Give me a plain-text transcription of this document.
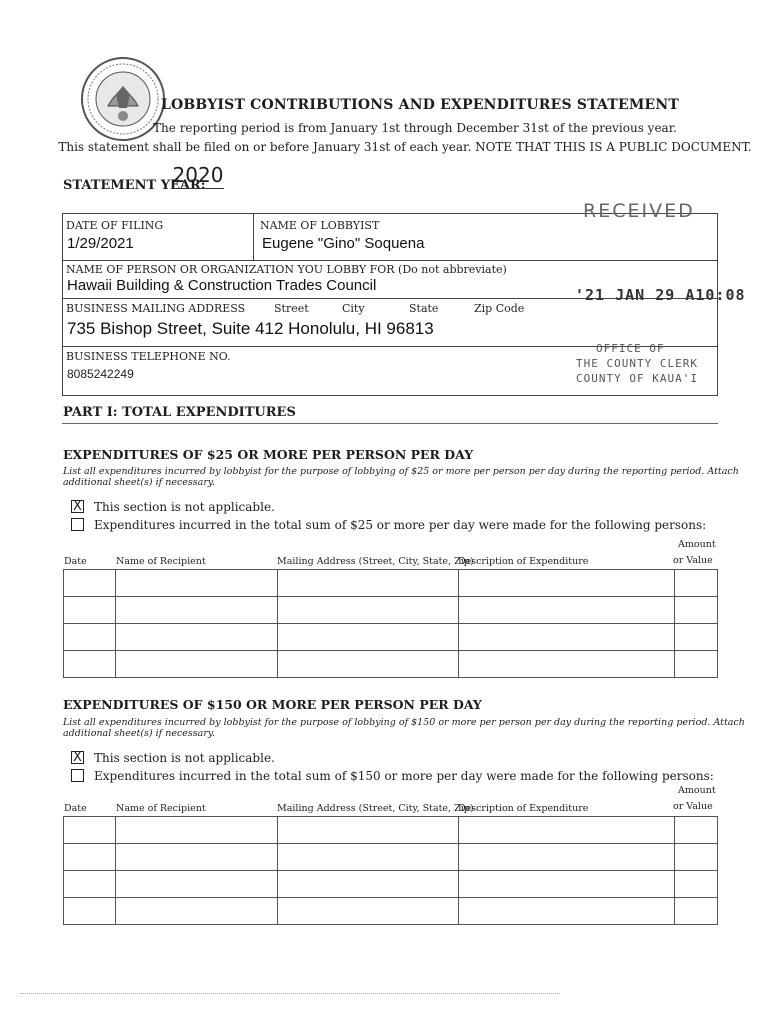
LOBBYIST CONTRIBUTIONS AND EXPENDITURES STATEMENT
The reporting period is from January 1st through December 31st of the previous year.
This statement shall be filed on or before January 31st of each year. NOTE THAT THIS IS A PUBLIC DOCUMENT.
STATEMENT YEAR:
2020
DATE OF FILING
1/29/2021
NAME OF LOBBYIST
Eugene "Gino" Soquena
NAME OF PERSON OR ORGANIZATION YOU LOBBY FOR (Do not abbreviate)
Hawaii Building & Construction Trades Council
BUSINESS MAILING ADDRESS	Street	City	State	Zip Code
735 Bishop Street, Suite 412 Honolulu, HI 96813
BUSINESS TELEPHONE NO.
8085242249
RECEIVED
'21 JAN 29 A10:08
OFFICE OF
THE COUNTY CLERK
COUNTY OF KAUA'I
PART I: TOTAL EXPENDITURES
EXPENDITURES OF $25 OR MORE PER PERSON PER DAY
List all expenditures incurred by lobbyist for the purpose of lobbying of $25 or more per person per day during the reporting period. Attach additional sheet(s) if necessary.
X This section is not applicable.
Expenditures incurred in the total sum of $25 or more per day were made for the following persons:
Date	Name of Recipient	Mailing Address (Street, City, State, Zip)
Description of Expenditure
Amount
or Value

EXPENDITURES OF $150 OR MORE PER PERSON PER DAY
List all expenditures incurred by lobbyist for the purpose of lobbying of $150 or more per person per day during the reporting period. Attach additional sheet(s) if necessary.
X This section is not applicable.
Expenditures incurred in the total sum of $150 or more per day were made for the following persons:
Date	Name of Recipient	Mailing Address (Street, City, State, Zip)
Description of Expenditure
Amount
or Value
